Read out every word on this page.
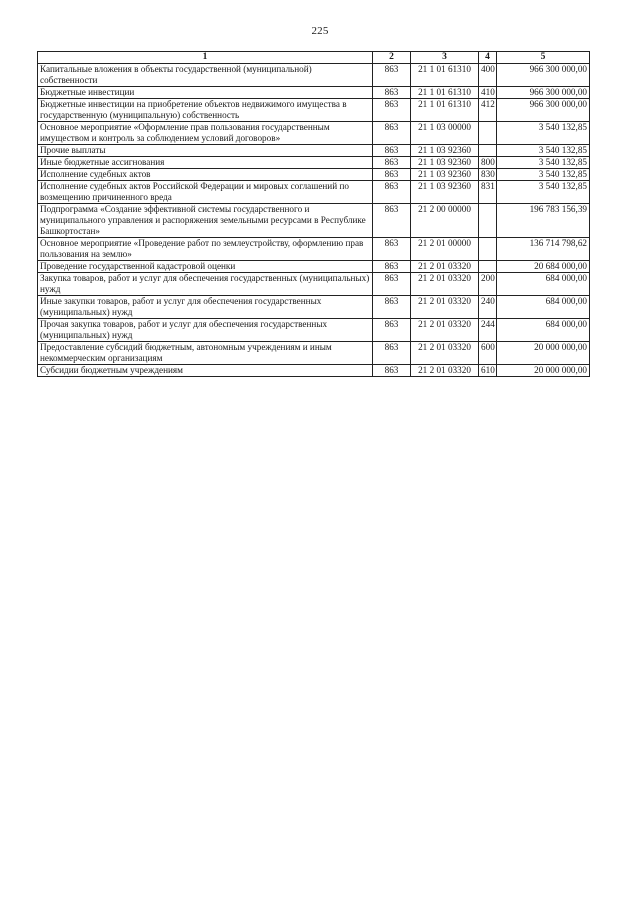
225
1	2	3	4	5
Капитальные вложения в объекты государственной (муниципальной) собственности	863	21 1 01 61310	400	966 300 000,00
Бюджетные инвестиции	863	21 1 01 61310	410	966 300 000,00
Бюджетные инвестиции на приобретение объектов недвижимого имущества в государственную (муниципальную) собственность	863	21 1 01 61310	412	966 300 000,00
Основное мероприятие «Оформление прав пользования государственным имуществом и контроль за соблюдением условий договоров»	863	21 1 03 00000		3 540 132,85
Прочие выплаты	863	21 1 03 92360		3 540 132,85
Иные бюджетные ассигнования	863	21 1 03 92360	800	3 540 132,85
Исполнение судебных актов	863	21 1 03 92360	830	3 540 132,85
Исполнение судебных актов Российской Федерации и мировых соглашений по возмещению причиненного вреда	863	21 1 03 92360	831	3 540 132,85
Подпрограмма «Создание эффективной системы государственного и муниципального управления и распоряжения земельными ресурсами в Республике Башкортостан»	863	21 2 00 00000		196 783 156,39
Основное мероприятие «Проведение работ по землеустройству, оформлению прав пользования на землю»	863	21 2 01 00000		136 714 798,62
Проведение государственной кадастровой оценки	863	21 2 01 03320		20 684 000,00
Закупка товаров, работ и услуг для обеспечения государственных (муниципальных) нужд	863	21 2 01 03320	200	684 000,00
Иные закупки товаров, работ и услуг для обеспечения государственных (муниципальных) нужд	863	21 2 01 03320	240	684 000,00
Прочая закупка товаров, работ и услуг для обеспечения государственных (муниципальных) нужд	863	21 2 01 03320	244	684 000,00
Предоставление субсидий бюджетным, автономным учреждениям и иным некоммерческим организациям	863	21 2 01 03320	600	20 000 000,00
Субсидии бюджетным учреждениям	863	21 2 01 03320	610	20 000 000,00
